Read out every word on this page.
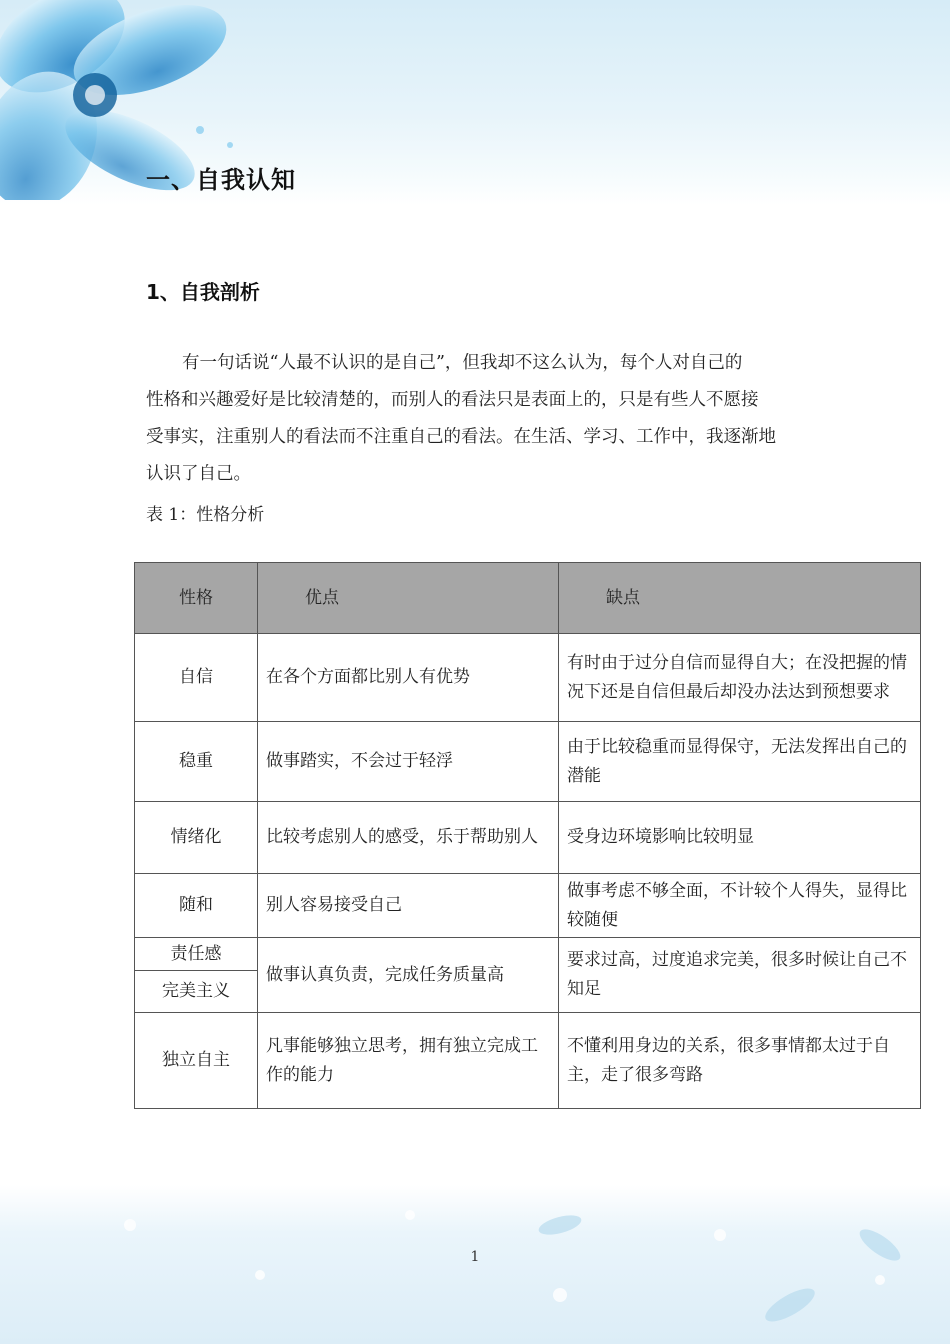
一、自我认知
1、自我剖析

有一句话说“人最不认识的是自己”，但我却不这么认为，每个人对自己的

性格和兴趣爱好是比较清楚的，而别人的看法只是表面上的，只是有些人不愿接

受事实，注重别人的看法而不注重自己的看法。在生活、学习、工作中，我逐渐地

认识了自己。

表 1：性格分析
性格	优点	缺点
自信	在各个方面都比别人有优势	有时由于过分自信而显得自大；在没把握的情况下还是自信但最后却没办法达到预想要求
稳重	做事踏实，不会过于轻浮	由于比较稳重而显得保守，无法发挥出自己的潜能
情绪化	比较考虑别人的感受，乐于帮助别人	受身边环境影响比较明显
随和	别人容易接受自己	做事考虑不够全面，不计较个人得失，显得比较随便
责任感	做事认真负责，完成任务质量高	要求过高，过度追求完美，很多时候让自己不知足
完美主义		
独立自主	凡事能够独立思考，拥有独立完成工作的能力	不懂利用身边的关系，很多事情都太过于自主，走了很多弯路
1
